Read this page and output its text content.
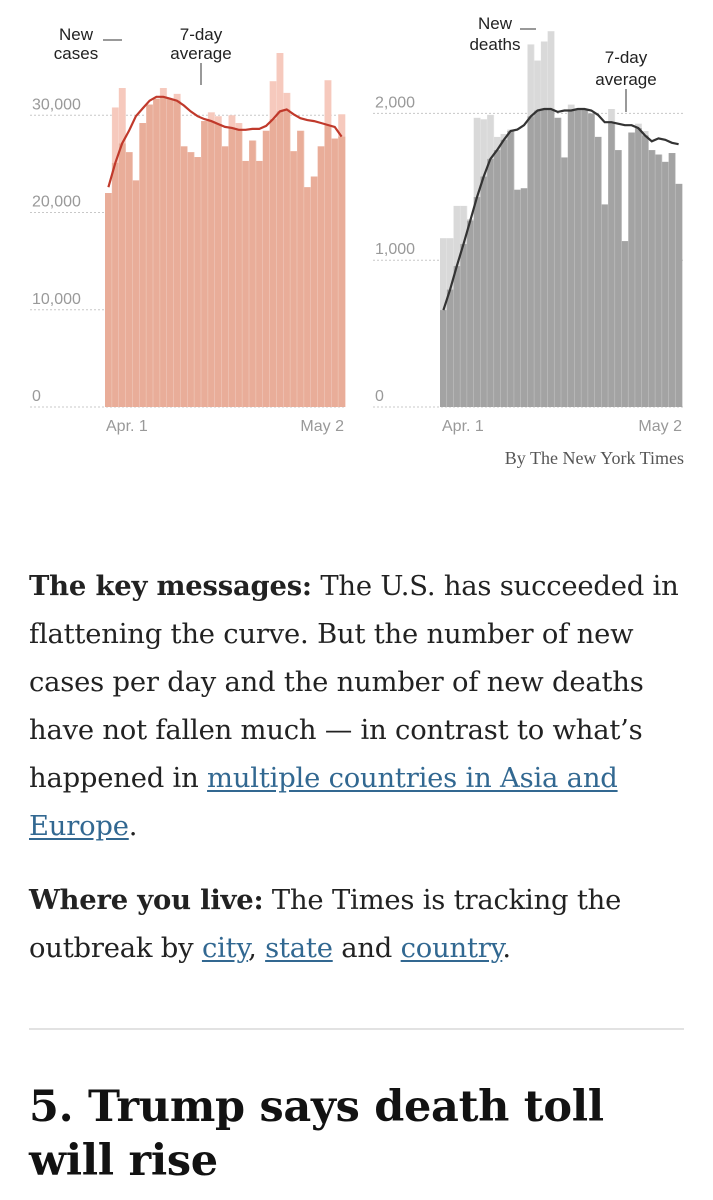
0
10,000
20,000
30,000
Apr. 1	May 2
New
cases
7-day
average
0
1,000
2,000
Apr. 1	May 2
New
deaths
7-day
average
By The New York Times

The key messages: The U.S. has succeeded in flattening the curve. But the number of new cases per day and the number of new deaths have not fallen much — in contrast to what’s happened in multiple countries in Asia and Europe.

Where you live: The Times is tracking the outbreak by city, state and country.

5. Trump says death toll will rise
